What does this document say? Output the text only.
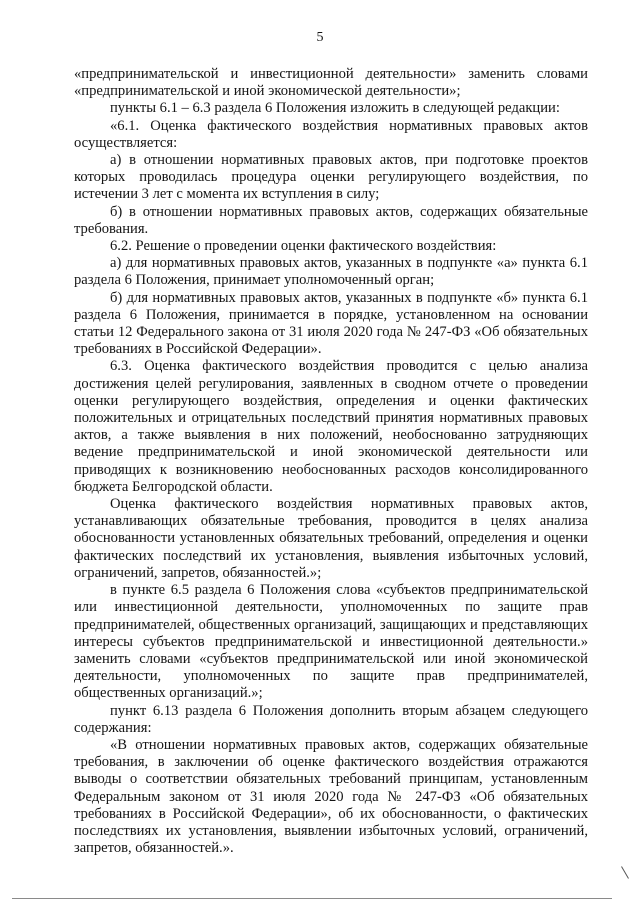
5

«предпринимательской и инвестиционной деятельности» заменить словами «предпринимательской и иной экономической деятельности»;

пункты 6.1 – 6.3 раздела 6 Положения изложить в следующей редакции:

«6.1. Оценка фактического воздействия нормативных правовых актов осуществляется:

а) в отношении нормативных правовых актов, при подготовке проектов которых проводилась процедура оценки регулирующего воздействия, по истечении 3 лет с момента их вступления в силу;

б) в отношении нормативных правовых актов, содержащих обязательные требования.

6.2. Решение о проведении оценки фактического воздействия:

а) для нормативных правовых актов, указанных в подпункте «а» пункта 6.1 раздела 6 Положения, принимает уполномоченный орган;

б) для нормативных правовых актов, указанных в подпункте «б» пункта 6.1 раздела 6 Положения, принимается в порядке, установленном на основании статьи 12 Федерального закона от 31 июля 2020 года № 247-ФЗ «Об обязательных требованиях в Российской Федерации».

6.3. Оценка фактического воздействия проводится с целью анализа достижения целей регулирования, заявленных в сводном отчете о проведении оценки регулирующего воздействия, определения и оценки фактических положительных и отрицательных последствий принятия нормативных правовых актов, а также выявления в них положений, необоснованно затрудняющих ведение предпринимательской и иной экономической деятельности или приводящих к возникновению необоснованных расходов консолидированного бюджета Белгородской области.

Оценка фактического воздействия нормативных правовых актов, устанавливающих обязательные требования, проводится в целях анализа обоснованности установленных обязательных требований, определения и оценки фактических последствий их установления, выявления избыточных условий, ограничений, запретов, обязанностей.»;

в пункте 6.5 раздела 6 Положения слова «субъектов предпринимательской или инвестиционной деятельности, уполномоченных по защите прав предпринимателей, общественных организаций, защищающих и представляющих интересы субъектов предпринимательской и инвестиционной деятельности.» заменить словами «субъектов предпринимательской или иной экономической деятельности, уполномоченных по защите прав предпринимателей, общественных организаций.»;

пункт 6.13 раздела 6 Положения дополнить вторым абзацем следующего содержания:

«В отношении нормативных правовых актов, содержащих обязательные требования, в заключении об оценке фактического воздействия отражаются выводы о соответствии обязательных требований принципам, установленным Федеральным законом от 31 июля 2020 года № 247-ФЗ «Об обязательных требованиях в Российской Федерации», об их обоснованности, о фактических последствиях их установления, выявлении избыточных условий, ограничений, запретов, обязанностей.».
